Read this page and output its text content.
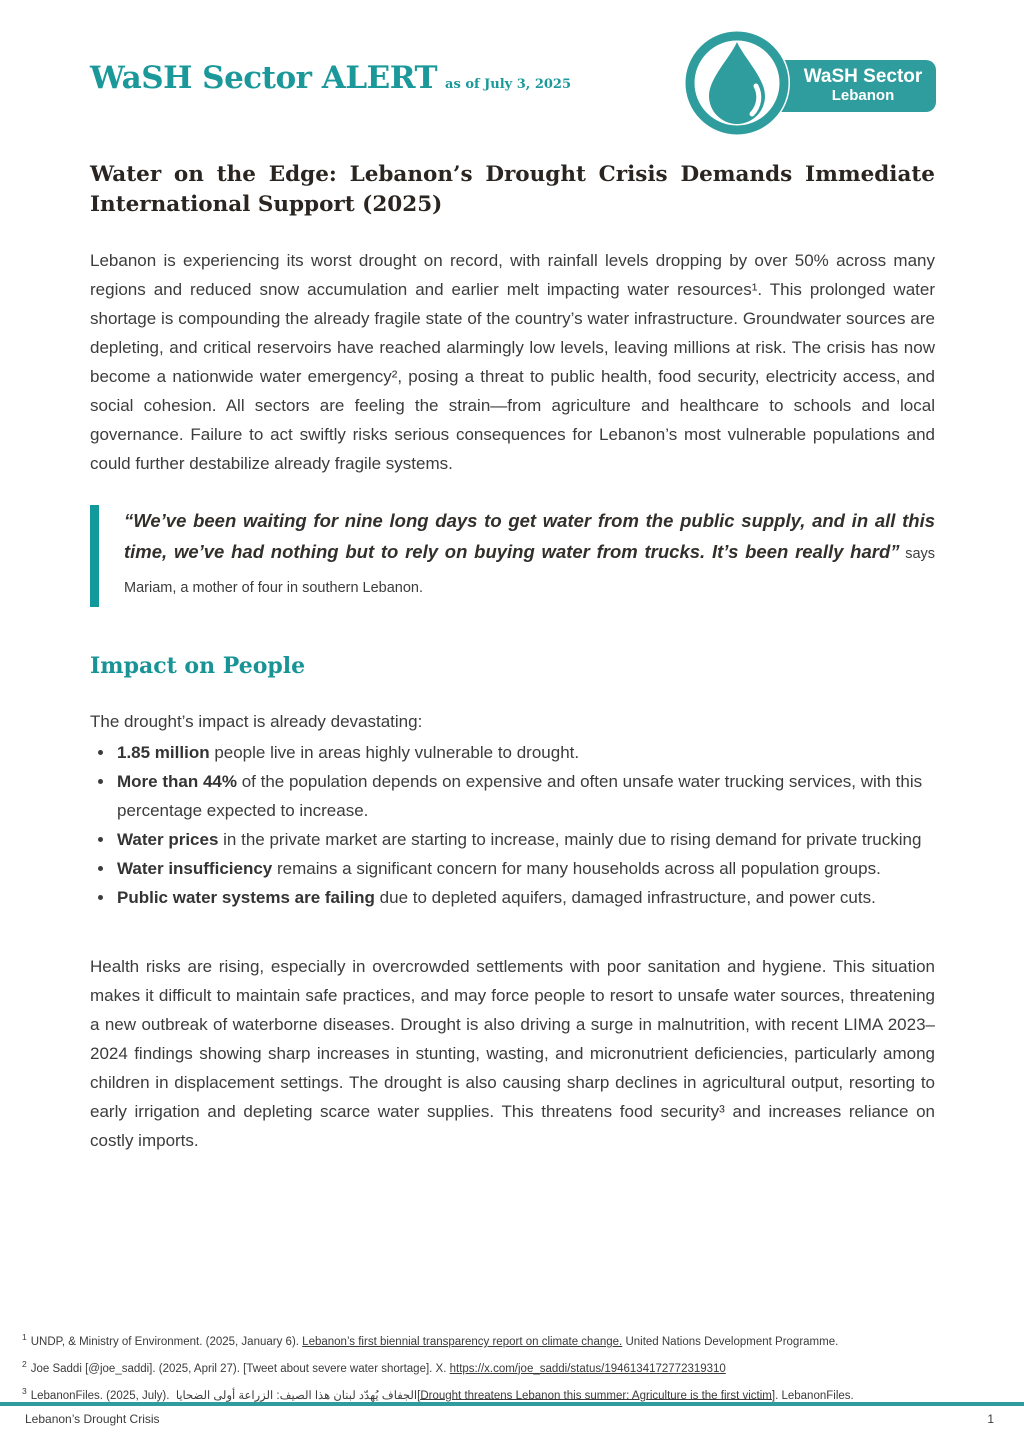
WaSH Sector ALERT as of July 3, 2025	WaSH Sector
Lebanon
Water on the Edge: Lebanon’s Drought Crisis Demands Immediate International Support (2025)

Lebanon is experiencing its worst drought on record, with rainfall levels dropping by over 50% across many regions and reduced snow accumulation and earlier melt impacting water resources¹. This prolonged water shortage is compounding the already fragile state of the country’s water infrastructure. Groundwater sources are depleting, and critical reservoirs have reached alarmingly low levels, leaving millions at risk. The crisis has now become a nationwide water emergency², posing a threat to public health, food security, electricity access, and social cohesion. All sectors are feeling the strain—from agriculture and healthcare to schools and local governance. Failure to act swiftly risks serious consequences for Lebanon’s most vulnerable populations and could further destabilize already fragile systems.

“We’ve been waiting for nine long days to get water from the public supply, and in all this time, we’ve had nothing but to rely on buying water from trucks. It’s been really hard” says Mariam, a mother of four in southern Lebanon.
Impact on People

The drought’s impact is already devastating:

• 1.85 million people live in areas highly vulnerable to drought.
• More than 44% of the population depends on expensive and often unsafe water trucking services, with this percentage expected to increase.
• Water prices in the private market are starting to increase, mainly due to rising demand for private trucking
• Water insufficiency remains a significant concern for many households across all population groups.
• Public water systems are failing due to depleted aquifers, damaged infrastructure, and power cuts.

Health risks are rising, especially in overcrowded settlements with poor sanitation and hygiene. This situation makes it difficult to maintain safe practices, and may force people to resort to unsafe water sources, threatening a new outbreak of waterborne diseases. Drought is also driving a surge in malnutrition, with recent LIMA 2023–2024 findings showing sharp increases in stunting, wasting, and micronutrient deficiencies, particularly among children in displacement settings. The drought is also causing sharp declines in agricultural output, resorting to early irrigation and depleting scarce water supplies. This threatens food security³ and increases reliance on costly imports.

$^1$ UNDP, & Ministry of Environment. (2025, January 6). Lebanon’s first biennial transparency report on climate change. United Nations Development Programme.
$^2$ Joe Saddi [@joe_saddi]. (2025, April 27). [Tweet about severe water shortage]. X. https://x.com/joe_saddi/status/1946134172772319310
$^3$ LebanonFiles. (2025, July). الجفاف يُهدّد لبنان هذا الصيف: الزراعة أولى الضحايا [Drought threatens Lebanon this summer: Agriculture is the first victim]. LebanonFiles.
Lebanon’s Drought Crisis	1
